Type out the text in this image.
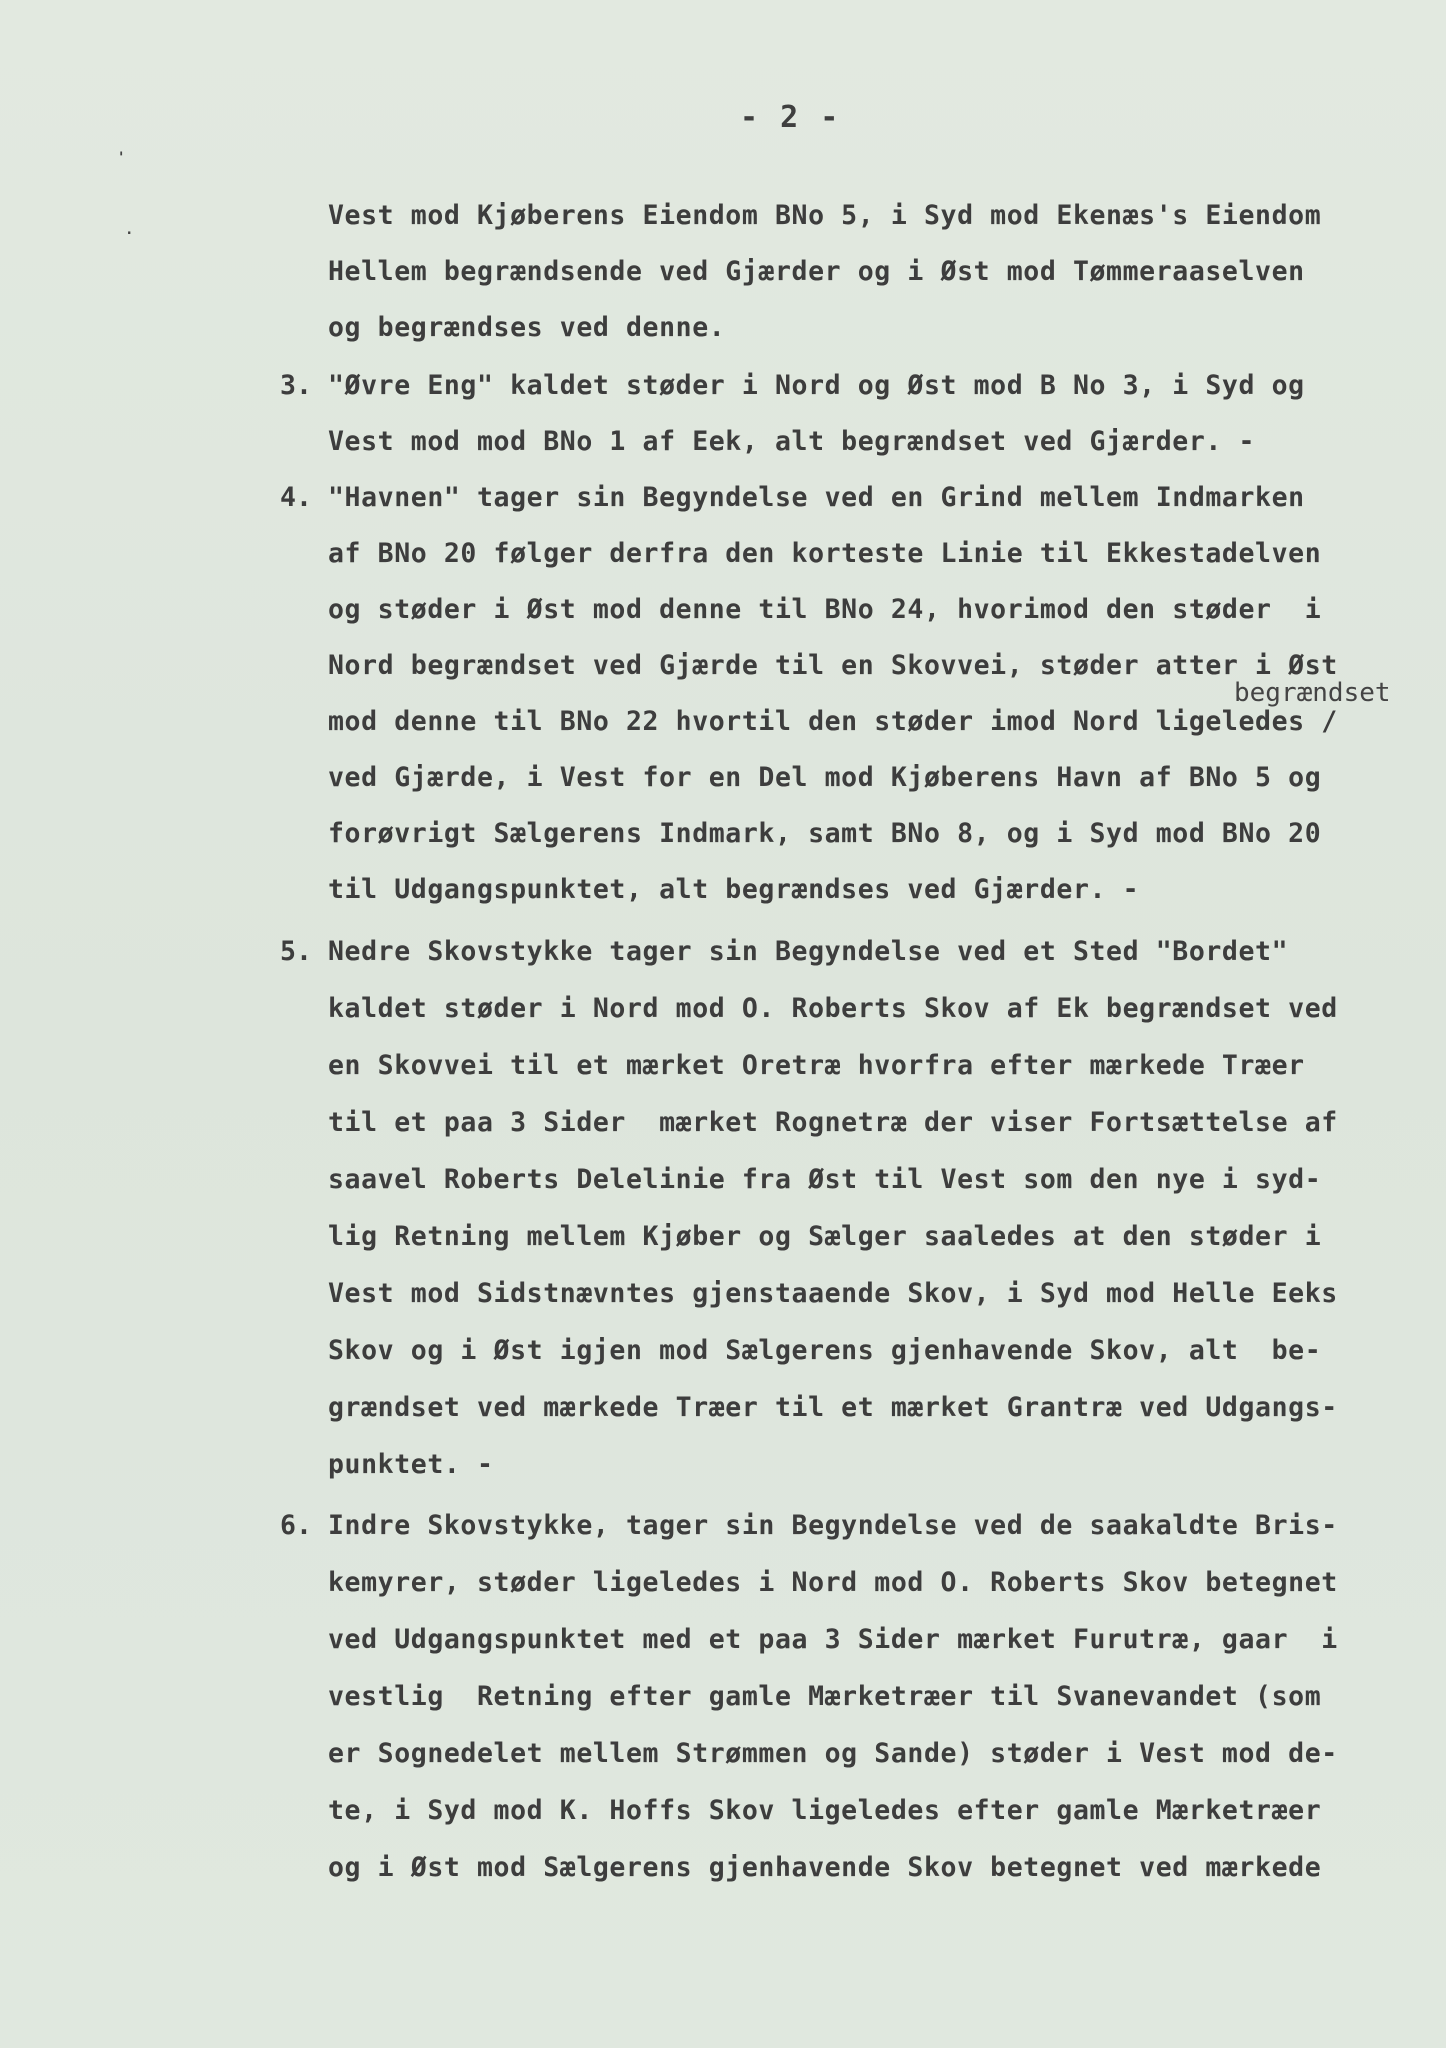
- 2 -
'
.	Vest mod Kjøberens Eiendom BNo 5, i Syd mod Ekenæs's Eiendom
Hellem begrændsende ved Gjærder og i Øst mod Tømmeraaselven
og begrændses ved denne.
3. "Øvre Eng" kaldet støder i Nord og Øst mod B No 3, i Syd og
Vest mod mod BNo 1 af Eek, alt begrændset ved Gjærder. -
4. "Havnen" tager sin Begyndelse ved en Grind mellem Indmarken
af BNo 20 følger derfra den korteste Linie til Ekkestadelven
og støder i Øst mod denne til BNo 24, hvorimod den støder  i
Nord begrændset ved Gjærde til en Skovvei, støder atter i Øst
begrændset
mod denne til BNo 22 hvortil den støder imod Nord ligeledes /
ved Gjærde, i Vest for en Del mod Kjøberens Havn af BNo 5 og
forøvrigt Sælgerens Indmark, samt BNo 8, og i Syd mod BNo 20
til Udgangspunktet, alt begrændses ved Gjærder. -
5. Nedre Skovstykke tager sin Begyndelse ved et Sted "Bordet"
kaldet støder i Nord mod O. Roberts Skov af Ek begrændset ved
en Skovvei til et mærket Oretræ hvorfra efter mærkede Træer
til et paa 3 Sider  mærket Rognetræ der viser Fortsættelse af
saavel Roberts Delelinie fra Øst til Vest som den nye i syd-
lig Retning mellem Kjøber og Sælger saaledes at den støder i
Vest mod Sidstnævntes gjenstaaende Skov, i Syd mod Helle Eeks
Skov og i Øst igjen mod Sælgerens gjenhavende Skov, alt  be-
grændset ved mærkede Træer til et mærket Grantræ ved Udgangs-
punktet. -
6. Indre Skovstykke, tager sin Begyndelse ved de saakaldte Bris-
kemyrer, støder ligeledes i Nord mod O. Roberts Skov betegnet
ved Udgangspunktet med et paa 3 Sider mærket Furutræ, gaar  i
vestlig  Retning efter gamle Mærketræer til Svanevandet (som
er Sognedelet mellem Strømmen og Sande) støder i Vest mod de-
te, i Syd mod K. Hoffs Skov ligeledes efter gamle Mærketræer
og i Øst mod Sælgerens gjenhavende Skov betegnet ved mærkede
